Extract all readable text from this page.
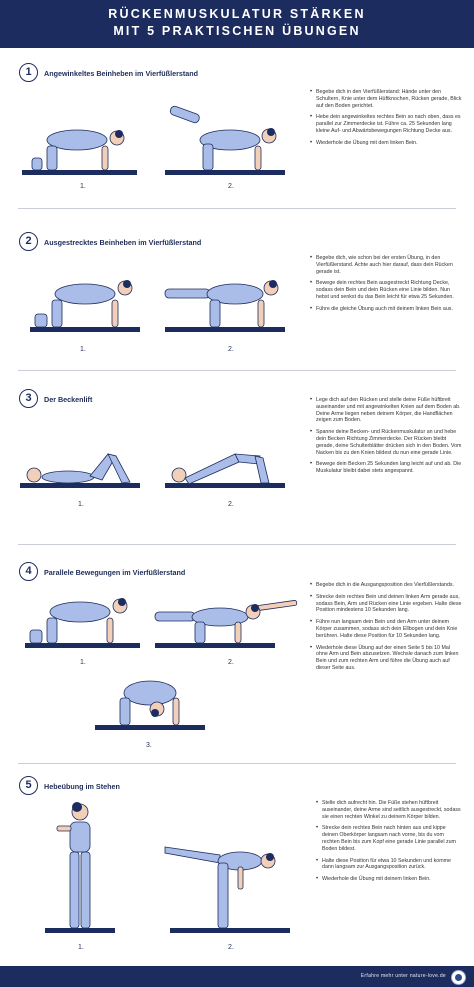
RÜCKENMUSKULATUR STÄRKEN
MIT 5 PRAKTISCHEN ÜBUNGEN
1	Angewinkeltes Beinheben im Vierfüßlerstand
1.	2.
• Begebe dich in den Vierfüßlerstand: Hände unter den Schultern, Knie unter dem Hüftknochen, Rücken gerade, Blick auf den Boden gerichtet.
• Hebe dein angewinkeltes rechtes Bein so nach oben, dass es parallel zur Zimmerdecke ist. Führe ca. 25 Sekunden lang kleine Auf- und Abwärtsbewegungen Richtung Decke aus.
• Wiederhole die Übung mit dem linken Bein.
2	Ausgestrecktes Beinheben im Vierfüßlerstand
1.	2.
• Begebe dich, wie schon bei der ersten Übung, in den Vierfüßlerstand. Achte auch hier darauf, dass dein Rücken gerade ist.
• Bewege dein rechtes Bein ausgestreckt Richtung Decke, sodass dein Bein und dein Rücken eine Linie bilden. Nun hebst und senkst du das Bein leicht für etwa 25 Sekunden.
• Führe die gleiche Übung auch mit deinem linken Bein aus.
3	Der Beckenlift
1.	2.
• Lege dich auf den Rücken und stelle deine Füße hüftbreit auseinander und mit angewinkelten Knien auf dem Boden ab. Deine Arme liegen neben deinem Körper, die Handflächen zeigen zum Boden.
• Spanne deine Becken- und Rückenmuskulatur an und hebe dein Becken Richtung Zimmerdecke. Der Rücken bleibt gerade, deine Schulterblätter drücken sich in den Boden. Vom Nacken bis zu den Knien bildest du nun eine gerade Linie.
• Bewege dein Becken 25 Sekunden lang leicht auf und ab. Die Muskulatur bleibt dabei stets angespannt.
4	Parallele Bewegungen im Vierfüßlerstand
1.	2.
3.
• Begebe dich in die Ausgangsposition des Vierfüßlerstands.
• Strecke dein rechtes Bein und deinen linken Arm gerade aus, sodass Bein, Arm und Rücken eine Linie ergeben. Halte diese Position mindestens 10 Sekunden lang.
• Führe nun langsam dein Bein und den Arm unter deinem Körper zusammen, sodass sich dein Ellbogen und dein Knie berühren. Halte diese Position für 10 Sekunden lang.
• Wiederhole diese Übung auf der einen Seite 5 bis 10 Mal ohne Arm und Bein abzusetzen. Wechsle danach zum linken Bein und zum rechten Arm und führe die Übung auch auf dieser Seite aus.
5	Hebeübung im Stehen
1.	2.
• Stelle dich aufrecht hin. Die Füße stehen hüftbreit auseinander, deine Arme sind seitlich ausgestreckt, sodass sie einen rechten Winkel zu deinem Körper bilden.
• Strecke dein rechtes Bein nach hinten aus und kippe deinen Oberkörper langsam nach vorne, bis du vom rechten Bein bis zum Kopf eine gerade Linie parallel zum Boden bildest.
• Halte diese Position für etwa 10 Sekunden und komme dann langsam zur Ausgangsposition zurück.
• Wiederhole die Übung mit deinem linken Bein.
Erfahre mehr unter nature-love.de
